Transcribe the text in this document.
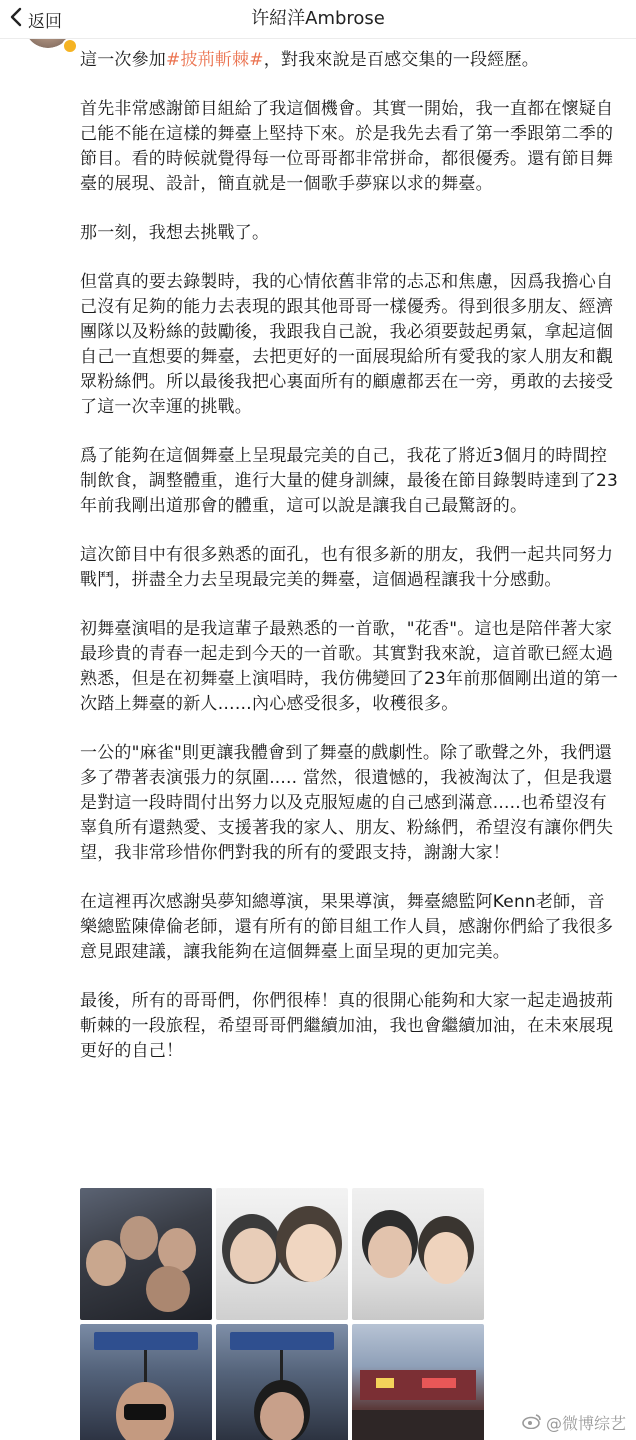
返回	许紹洋Ambrose

這一次參加#披荊斬棘#，對我來說是百感交集的一段經歷。

首先非常感謝節目組給了我這個機會。其實一開始，我一直都在懷疑自己能不能在這樣的舞臺上堅持下來。於是我先去看了第一季跟第二季的節目。看的時候就覺得每一位哥哥都非常拼命，都很優秀。還有節目舞臺的展現、設計，簡直就是一個歌手夢寐以求的舞臺。

那一刻，我想去挑戰了。

但當真的要去錄製時，我的心情依舊非常的忐忑和焦慮，因爲我擔心自己沒有足夠的能力去表現的跟其他哥哥一樣優秀。得到很多朋友、經濟團隊以及粉絲的鼓勵後，我跟我自己說，我必須要鼓起勇氣，拿起這個自己一直想要的舞臺，去把更好的一面展現給所有愛我的家人朋友和觀眾粉絲們。所以最後我把心裏面所有的顧慮都丟在一旁，勇敢的去接受了這一次幸運的挑戰。

爲了能夠在這個舞臺上呈現最完美的自己，我花了將近3個月的時間控制飲食，調整體重，進行大量的健身訓練，最後在節目錄製時達到了23年前我剛出道那會的體重，這可以說是讓我自己最驚訝的。

這次節目中有很多熟悉的面孔，也有很多新的朋友，我們一起共同努力戰鬥，拼盡全力去呈現最完美的舞臺，這個過程讓我十分感動。

初舞臺演唱的是我這輩子最熟悉的一首歌，"花香"。這也是陪伴著大家最珍貴的青春一起走到今天的一首歌。其實對我來說，這首歌已經太過熟悉，但是在初舞臺上演唱時，我仿佛變回了23年前那個剛出道的第一次踏上舞臺的新人……內心感受很多，收穫很多。

一公的"麻雀"則更讓我體會到了舞臺的戲劇性。除了歌聲之外，我們還多了帶著表演張力的氛圍..... 當然，很遺憾的，我被淘汰了，但是我還是對這一段時間付出努力以及克服短處的自己感到滿意.....也希望沒有辜負所有還熱愛、支援著我的家人、朋友、粉絲們，希望沒有讓你們失望，我非常珍惜你們對我的所有的愛跟支持，謝謝大家！

在這裡再次感謝吳夢知總導演，果果導演，舞臺總監阿Kenn老師，音樂總監陳偉倫老師，還有所有的節目組工作人員，感謝你們給了我很多意見跟建議，讓我能夠在這個舞臺上面呈現的更加完美。

最後，所有的哥哥們，你們很棒！真的很開心能夠和大家一起走過披荊斬棘的一段旅程，希望哥哥們繼續加油，我也會繼續加油，在未來展現更好的自己！

@微博综艺
